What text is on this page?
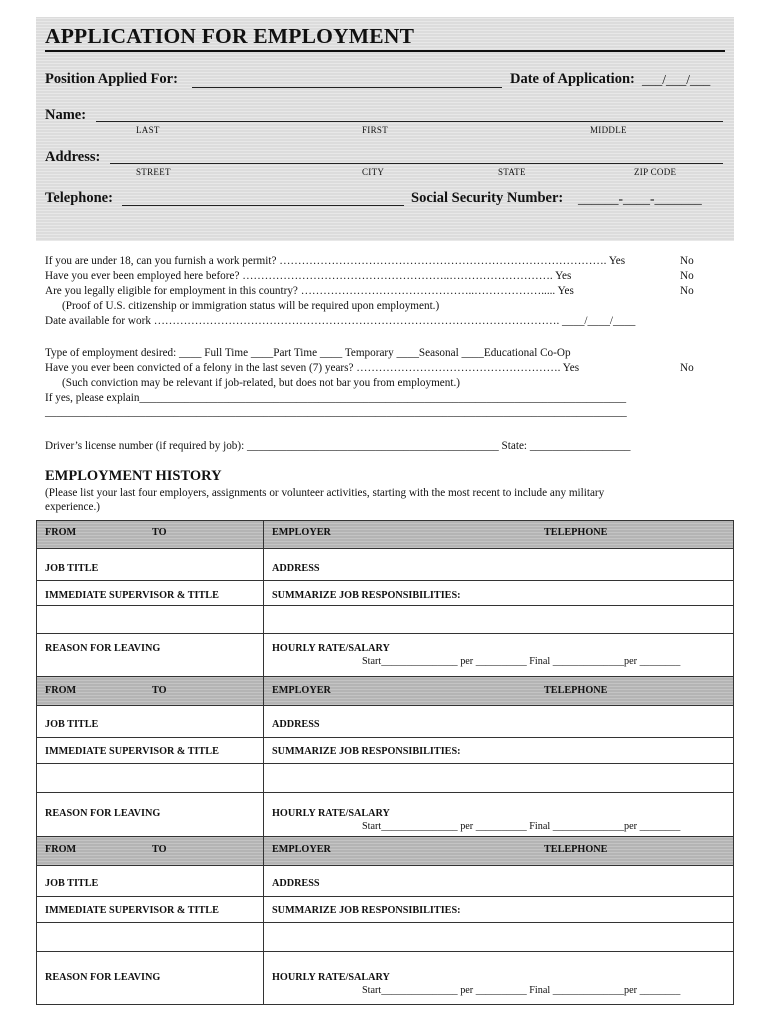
APPLICATION FOR EMPLOYMENT
Position Applied For:	Date of Application: ___/___/___
Name:
LAST	FIRST	MIDDLE
Address:
STREET	CITY	STATE	ZIP CODE
Telephone:	Social Security Number: ______-____-_______
If you are under 18, can you furnish a work permit? ……………………………………………………………………………. Yes	No
Have you ever been employed here before? ………………………………………………..………………………. Yes	No
Are you legally eligible for employment in this country? ………………………………………..………………..... Yes	No
(Proof of U.S. citizenship or immigration status will be required upon employment.)
Date available for work ………………………………………………………………………………………………. ____/____/____
Type of employment desired: ____ Full Time ____Part Time ____ Temporary ____Seasonal ____Educational Co-Op
Have you ever been convicted of a felony in the last seven (7) years? ………………………………………………. Yes	No
(Such conviction may be relevant if job-related, but does not bar you from employment.)
If yes, please explain_______________________________________________________________________________________
________________________________________________________________________________________________________
Driver’s license number (if required by job): _____________________________________________ State: __________________
EMPLOYMENT HISTORY
(Please list your last four employers, assignments or volunteer activities, starting with the most recent to include any military
experience.)
FROM	TO	EMPLOYER	TELEPHONE
JOB TITLE	ADDRESS
IMMEDIATE SUPERVISOR & TITLE	SUMMARIZE JOB RESPONSIBILITIES:
REASON FOR LEAVING	HOURLY RATE/SALARY
Start_______________ per __________ Final ______________per ________
FROM	TO	EMPLOYER	TELEPHONE
JOB TITLE	ADDRESS
IMMEDIATE SUPERVISOR & TITLE	SUMMARIZE JOB RESPONSIBILITIES:
REASON FOR LEAVING	HOURLY RATE/SALARY
Start_______________ per __________ Final ______________per ________
FROM	TO	EMPLOYER	TELEPHONE
JOB TITLE	ADDRESS
IMMEDIATE SUPERVISOR & TITLE	SUMMARIZE JOB RESPONSIBILITIES:
REASON FOR LEAVING	HOURLY RATE/SALARY
Start_______________ per __________ Final ______________per ________
